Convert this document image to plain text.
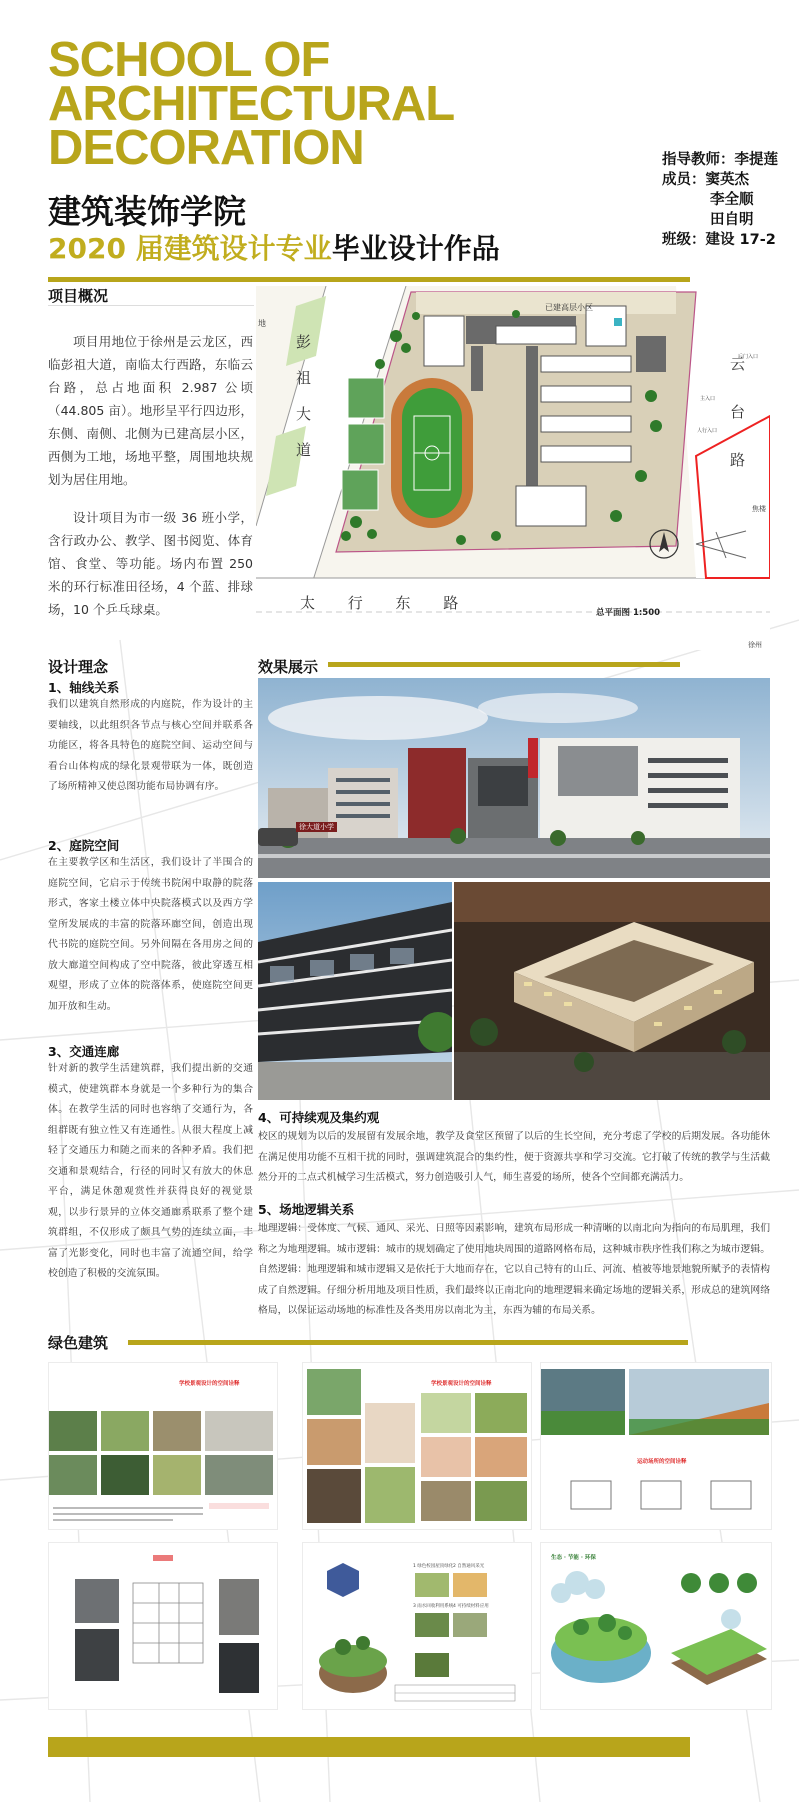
SCHOOL OF
ARCHITECTURAL
DECORATION
建筑装饰学院
2020 届建筑设计专业毕业设计作品
指导教师：李提莲
成员：窦英杰
李全顺
田自明
班级：建设 17-2
项目概况
项目用地位于徐州是云龙区，西临彭祖大道，南临太行西路，东临云台路，总占地面积 2.987 公顷（44.805 亩）。地形呈平行四边形，东侧、南侧、北侧为已建高层小区，西侧为工地，场地平整，周围地块规划为居住用地。
设计项目为市一级 36 班小学，含行政办公、教学、图书阅览、体育馆、食堂、等功能。场内布置 250 米的环行标准田径场，4 个蓝、排球场，10 个乒乓球桌。
彭 祖 大 道
太 行 东 路
云 台 路
已建高层小区
总平面图 1:500
徐州
主入口
后门入口
人行入口
焦楼
地
设计理念
1、轴线关系
我们以建筑自然形成的内庭院，作为设计的主要轴线，以此组织各节点与核心空间并联系各功能区，将各具特色的庭院空间、运动空间与看台山体构成的绿化景观带联为一体，既创造了场所精神又使总图功能布局协调有序。
2、庭院空间
在主要教学区和生活区，我们设计了半围合的庭院空间，它启示于传统书院闲中取静的院落形式，客家土楼立体中央院落模式以及西方学堂所发展成的丰富的院落环廊空间，创造出现代书院的庭院空间。另外间隔在各用房之间的放大廊道空间构成了空中院落，彼此穿透互相观望，形成了立体的院落体系，使庭院空间更加开放和生动。
3、交通连廊
针对新的教学生活建筑群，我们提出新的交通模式，使建筑群本身就是一个多种行为的集合体。在教学生活的同时也容纳了交通行为，各组群既有独立性又有连通性。从很大程度上减轻了交通压力和随之而来的各种矛盾。我们把交通和景观结合，行径的同时又有放大的休息平台，满足休憩观赏性并获得良好的视觉景观，以步行景异的立体交通廊系联系了整个建筑群组，不仅形成了颇具气势的连续立面，丰富了光影变化，同时也丰富了流通空间，给学校创造了积极的交流氛围。
效果展示
徐大道小学
4、可持续观及集约观
校区的规划为以后的发展留有发展余地，教学及食堂区预留了以后的生长空间，充分考虑了学校的后期发展。各功能休在满足使用功能不互相干扰的同时，强调建筑混合的集约性，便于资源共享和学习交流。它打破了传统的教学与生活截然分开的二点式机械学习生活模式，努力创造吸引人气，师生喜爱的场所，使各个空间都充满活力。
5、场地逻辑关系
地理逻辑：受体度、气候、通风、采光、日照等因素影响，建筑布局形成一种清晰的以南北向为指向的布局肌理，我们称之为地理逻辑。城市逻辑：城市的规划确定了使用地块周围的道路网格布局，这种城市秩序性我们称之为城市逻辑。自然逻辑：地理逻辑和城市逻辑又是依托于大地而存在，它以自己特有的山丘、河流、植被等地景地貌所赋予的表情构成了自然逻辑。仔细分析用地及项目性质，我们最终以正南北向的地理逻辑来确定场地的逻辑关系，形成总的建筑网络格局，以保证运动场地的标准性及各类用房以南北为主，东西为辅的布局关系。
绿色建筑
学校景观设计的空间诠释	学校景观设计的空间诠释
运动场所的空间诠释
1 绿色校园屋顶绿化 2 自然通风采光
3 雨水回收利用系统 4 可持续材料应用
生态 · 节能 · 环保
